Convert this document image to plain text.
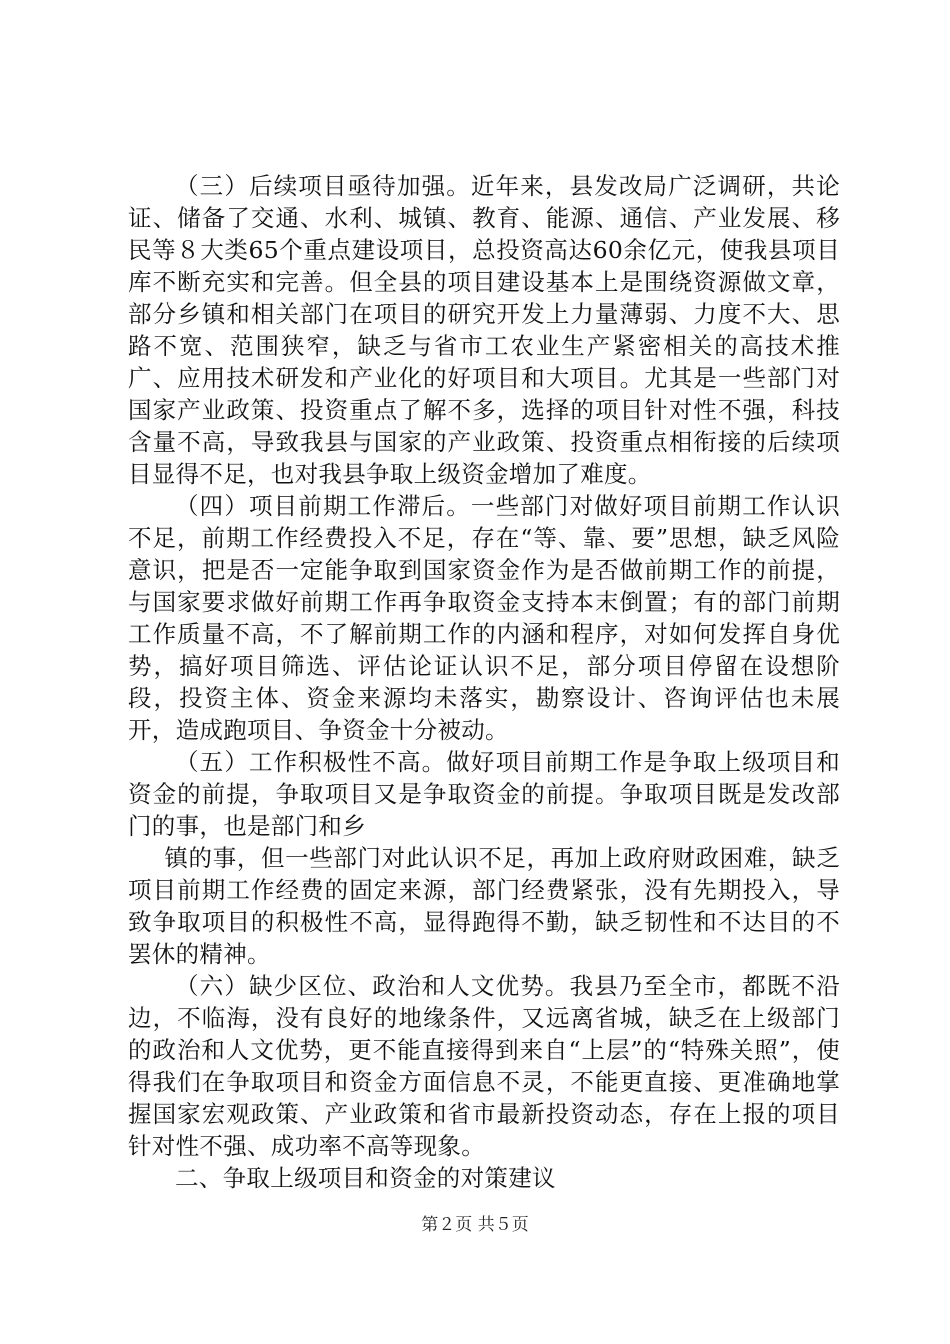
（三）后续项目亟待加强。近年来，县发改局广泛调研，共论证、储备了交通、水利、城镇、教育、能源、通信、产业发展、移民等８大类65个重点建设项目，总投资高达60余亿元，使我县项目库不断充实和完善。但全县的项目建设基本上是围绕资源做文章，部分乡镇和相关部门在项目的研究开发上力量薄弱、力度不大、思路不宽、范围狭窄，缺乏与省市工农业生产紧密相关的高技术推广、应用技术研发和产业化的好项目和大项目。尤其是一些部门对国家产业政策、投资重点了解不多，选择的项目针对性不强，科技含量不高，导致我县与国家的产业政策、投资重点相衔接的后续项目显得不足，也对我县争取上级资金增加了难度。

（四）项目前期工作滞后。一些部门对做好项目前期工作认识不足，前期工作经费投入不足，存在“等、靠、要”思想，缺乏风险意识，把是否一定能争取到国家资金作为是否做前期工作的前提，与国家要求做好前期工作再争取资金支持本末倒置；有的部门前期工作质量不高，不了解前期工作的内涵和程序，对如何发挥自身优势，搞好项目筛选、评估论证认识不足，部分项目停留在设想阶段，投资主体、资金来源均未落实，勘察设计、咨询评估也未展开，造成跑项目、争资金十分被动。

（五）工作积极性不高。做好项目前期工作是争取上级项目和资金的前提，争取项目又是争取资金的前提。争取项目既是发改部门的事，也是部门和乡

镇的事，但一些部门对此认识不足，再加上政府财政困难，缺乏项目前期工作经费的固定来源，部门经费紧张，没有先期投入，导致争取项目的积极性不高，显得跑得不勤，缺乏韧性和不达目的不罢休的精神。

（六）缺少区位、政治和人文优势。我县乃至全市，都既不沿边，不临海，没有良好的地缘条件，又远离省城，缺乏在上级部门的政治和人文优势，更不能直接得到来自“上层”的“特殊关照”，使得我们在争取项目和资金方面信息不灵，不能更直接、更准确地掌握国家宏观政策、产业政策和省市最新投资动态，存在上报的项目针对性不强、成功率不高等现象。

二、争取上级项目和资金的对策建议

第２页 共５页
